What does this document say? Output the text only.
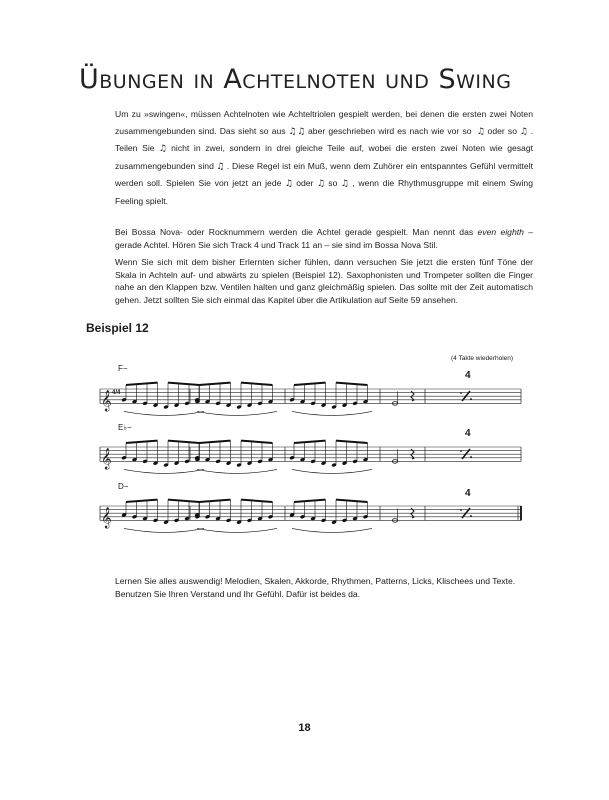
Übungen in Achtelnoten und Swing
Um zu »swingen«, müssen Achtelnoten wie Achteltriolen gespielt werden, bei denen die ersten zwei Noten zusammengebunden sind. Das sieht so aus ♫♫ aber geschrieben wird es nach wie vor so ♫ oder so ♫ . Teilen Sie ♫ nicht in zwei, sondern in drei gleiche Teile auf, wobei die ersten zwei Noten wie gesagt zusammengebunden sind ♫ . Diese Regel ist ein Muß, wenn dem Zuhörer ein entspanntes Gefühl vermittelt werden soll. Spielen Sie von jetzt an jede ♫ oder ♫ so ♫ , wenn die Rhythmusgruppe mit einem Swing Feeling spielt.
Bei Bossa Nova- oder Rocknummern werden die Achtel gerade gespielt. Man nennt das even eighth – gerade Achtel. Hören Sie sich Track 4 und Track 11 an – sie sind im Bossa Nova Stil.
Wenn Sie sich mit dem bisher Erlernten sicher fühlen, dann versuchen Sie jetzt die ersten fünf Töne der Skala in Achteln auf- und abwärts zu spielen (Beispiel 12). Saxophonisten und Trompeter sollten die Finger nahe an den Klappen bzw. Ventilen halten und ganz gleichmäßig spielen. Das sollte mit der Zeit automatisch gehen. Jetzt sollten Sie sich einmal das Kapitel über die Artikulation auf Seite 59 ansehen.
Beispiel 12
(4 Takte wiederholen)
F−
E♭−
D−
4/4
4
4
4
𝄞
𝄞
𝄞
Lernen Sie alles auswendig! Melodien, Skalen, Akkorde, Rhythmen, Patterns, Licks, Klischees und Texte. Benutzen Sie Ihren Verstand und Ihr Gefühl. Dafür ist beides da.
18
